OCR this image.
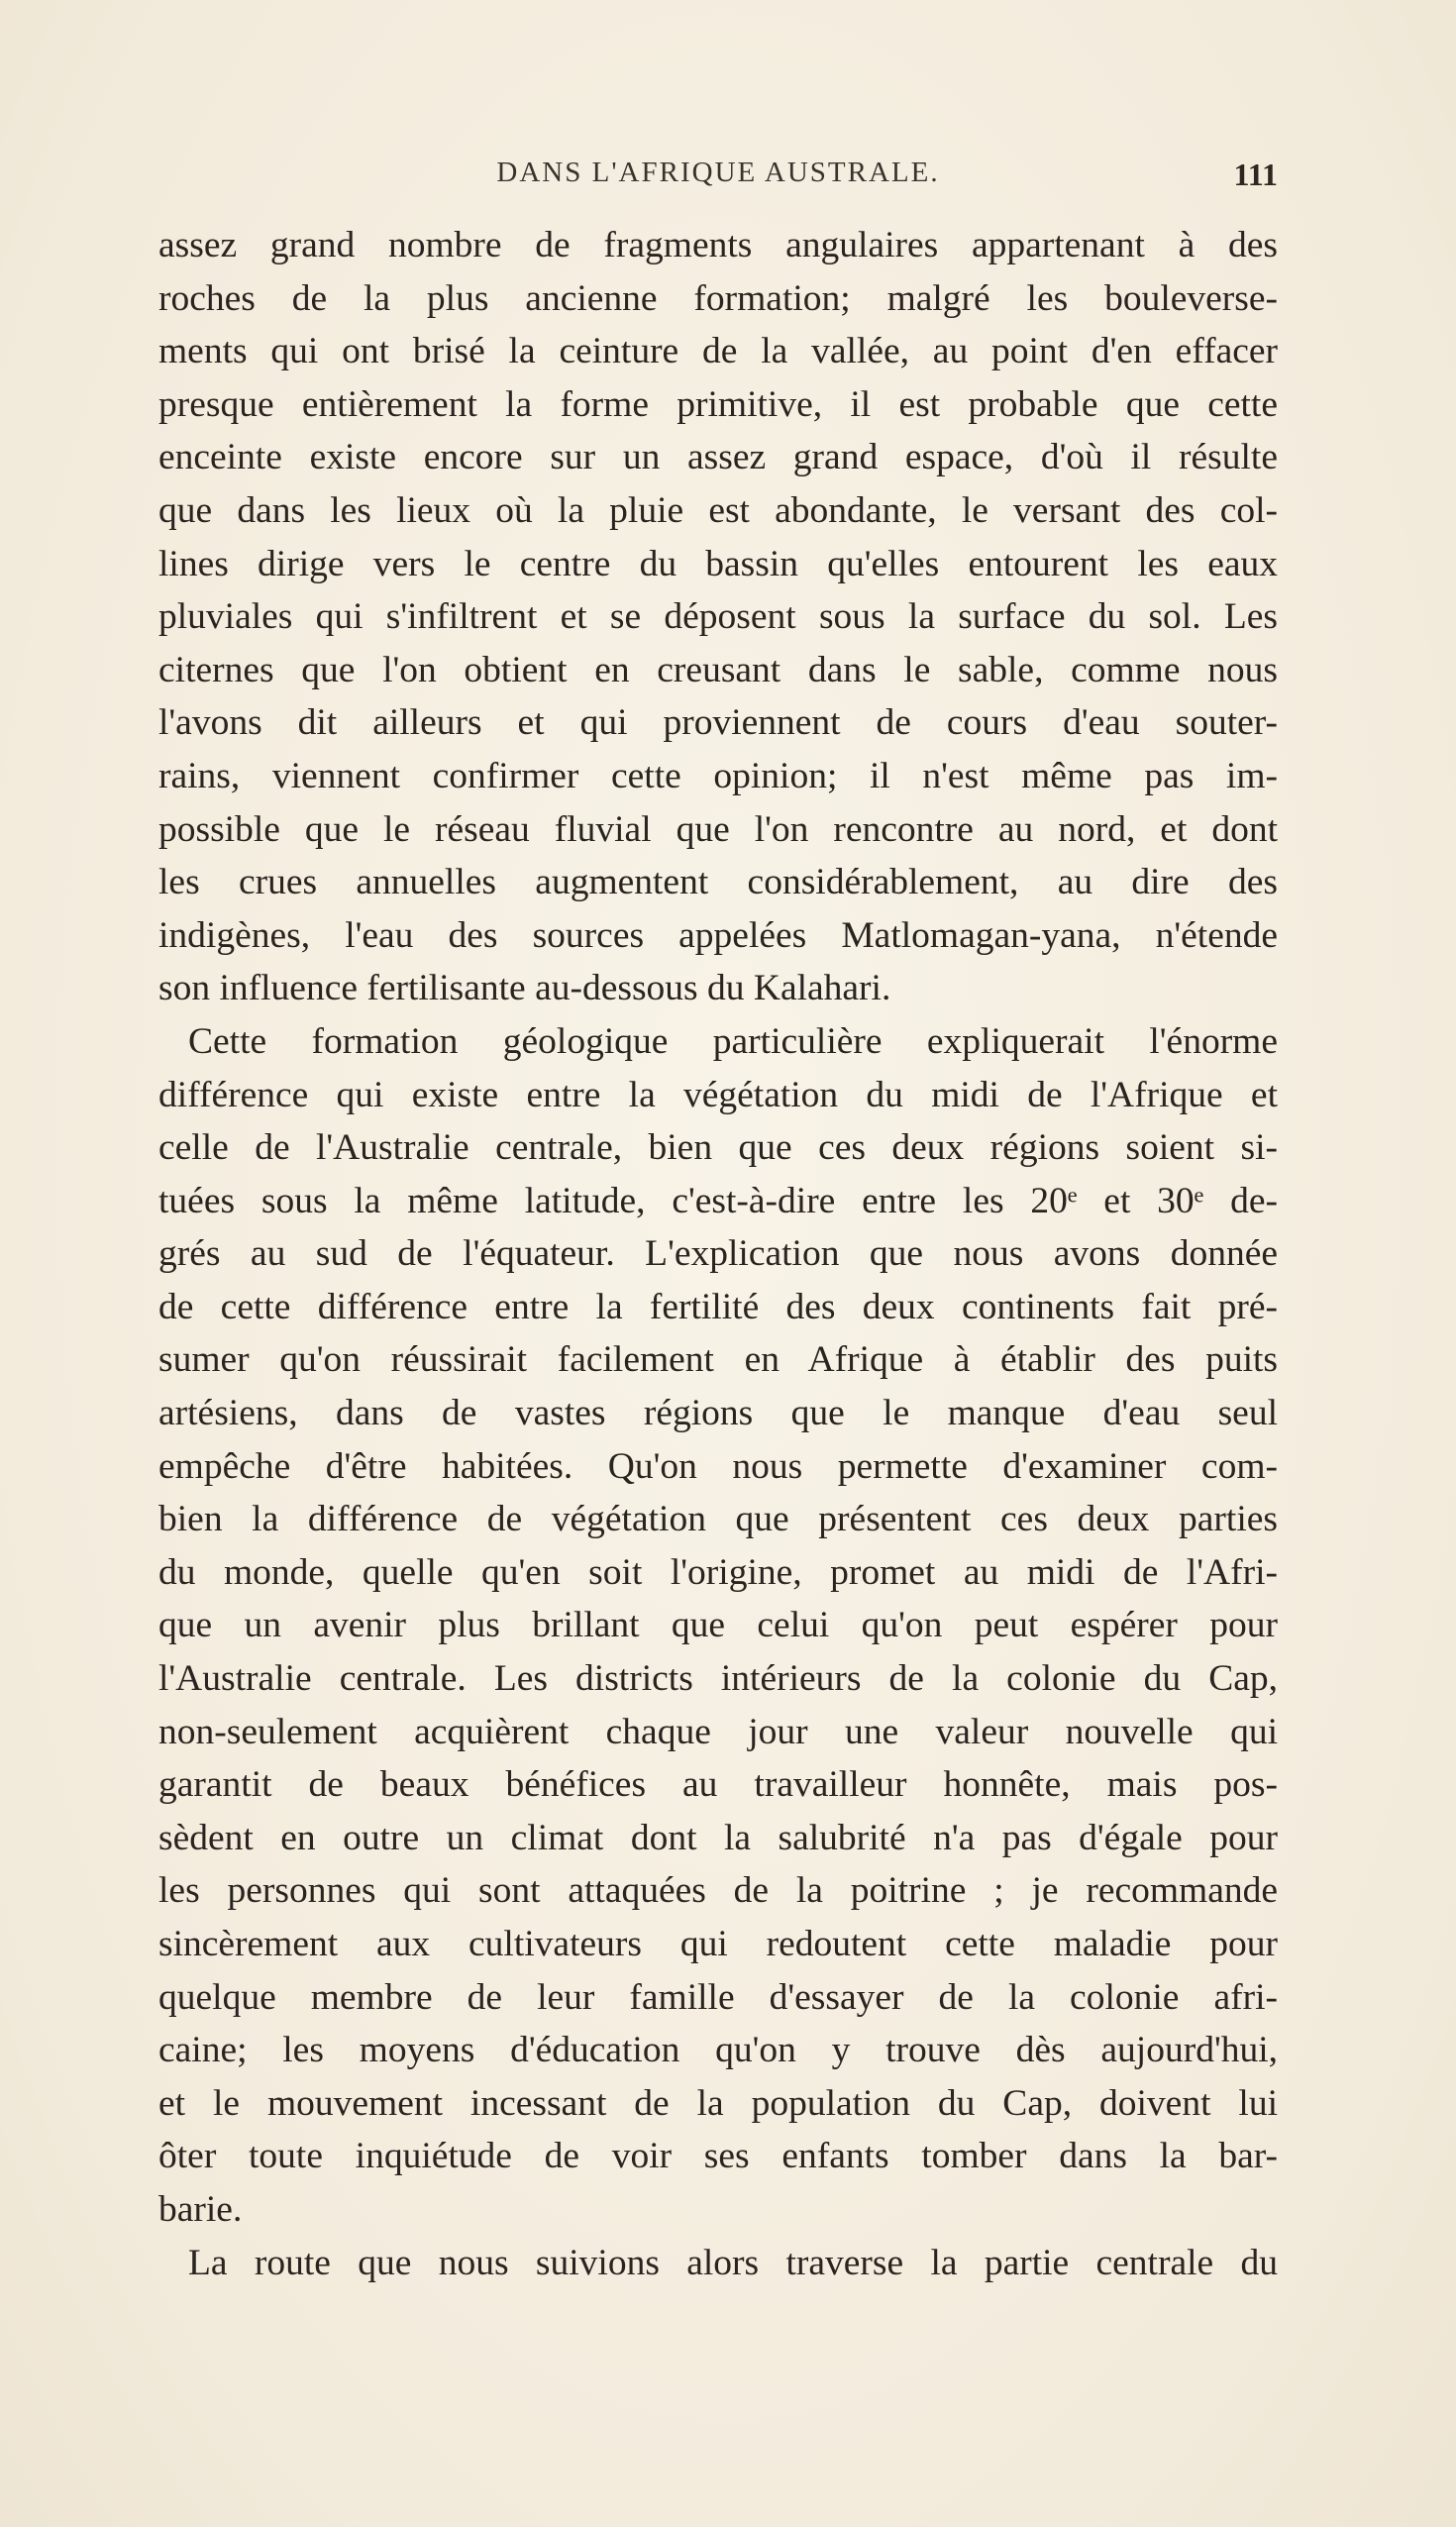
DANS L'AFRIQUE AUSTRALE.	111
assez grand nombre de fragments angulaires appartenant à des
roches de la plus ancienne formation; malgré les bouleverse-
ments qui ont brisé la ceinture de la vallée, au point d'en effacer
presque entièrement la forme primitive, il est probable que cette
enceinte existe encore sur un assez grand espace, d'où il résulte
que dans les lieux où la pluie est abondante, le versant des col-
lines dirige vers le centre du bassin qu'elles entourent les eaux
pluviales qui s'infiltrent et se déposent sous la surface du sol. Les
citernes que l'on obtient en creusant dans le sable, comme nous
l'avons dit ailleurs et qui proviennent de cours d'eau souter-
rains, viennent confirmer cette opinion; il n'est même pas im-
possible que le réseau fluvial que l'on rencontre au nord, et dont
les crues annuelles augmentent considérablement, au dire des
indigènes, l'eau des sources appelées Matlomagan-yana, n'étende
son influence fertilisante au-dessous du Kalahari.
Cette formation géologique particulière expliquerait l'énorme
différence qui existe entre la végétation du midi de l'Afrique et
celle de l'Australie centrale, bien que ces deux régions soient si-
tuées sous la même latitude, c'est-à-dire entre les 20ᵉ et 30ᵉ de-
grés au sud de l'équateur. L'explication que nous avons donnée
de cette différence entre la fertilité des deux continents fait pré-
sumer qu'on réussirait facilement en Afrique à établir des puits
artésiens, dans de vastes régions que le manque d'eau seul
empêche d'être habitées. Qu'on nous permette d'examiner com-
bien la différence de végétation que présentent ces deux parties
du monde, quelle qu'en soit l'origine, promet au midi de l'Afri-
que un avenir plus brillant que celui qu'on peut espérer pour
l'Australie centrale. Les districts intérieurs de la colonie du Cap,
non-seulement acquièrent chaque jour une valeur nouvelle qui
garantit de beaux bénéfices au travailleur honnête, mais pos-
sèdent en outre un climat dont la salubrité n'a pas d'égale pour
les personnes qui sont attaquées de la poitrine ; je recommande
sincèrement aux cultivateurs qui redoutent cette maladie pour
quelque membre de leur famille d'essayer de la colonie afri-
caine; les moyens d'éducation qu'on y trouve dès aujourd'hui,
et le mouvement incessant de la population du Cap, doivent lui
ôter toute inquiétude de voir ses enfants tomber dans la bar-
barie.
La route que nous suivions alors traverse la partie centrale du
